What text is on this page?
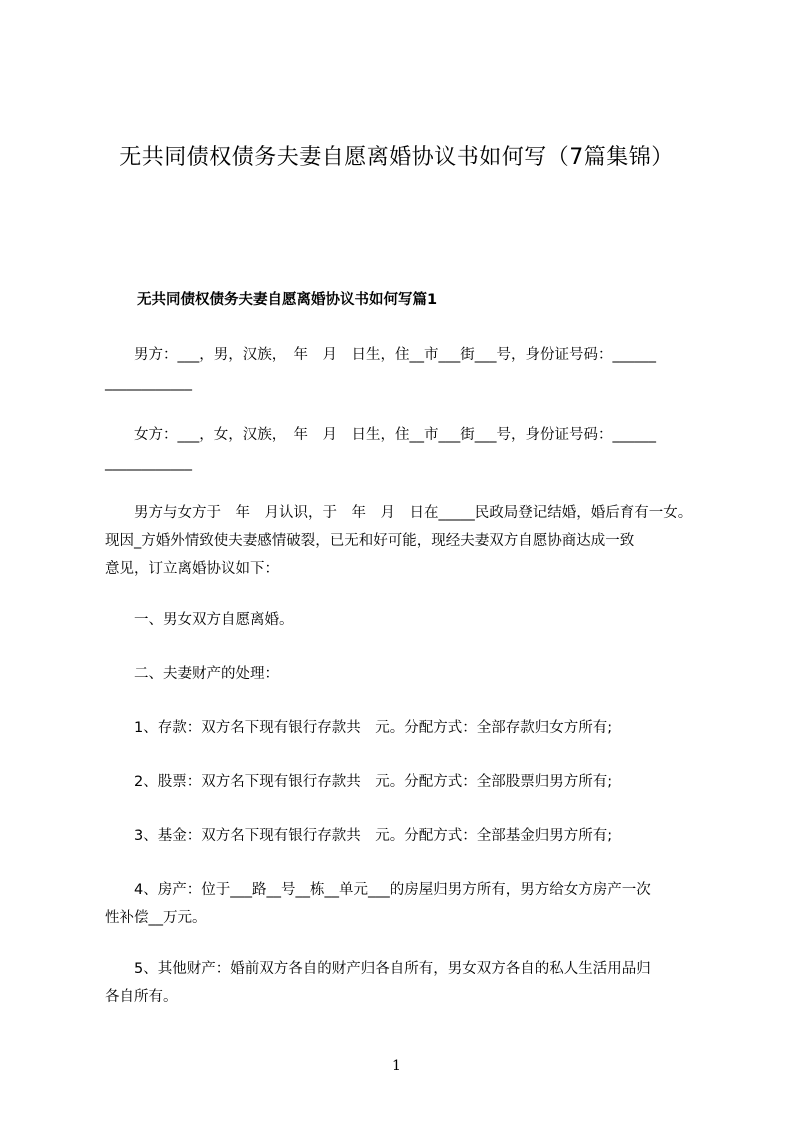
无共同债权债务夫妻自愿离婚协议书如何写（7篇集锦）
无共同债权债务夫妻自愿离婚协议书如何写篇1

　　男方：___，男，汉族，　年　月　日生，住__市___街___号，身份证号码：______
____________

　　女方：___，女，汉族，　年　月　日生，住__市___街___号，身份证号码：______
____________

　　男方与女方于　年　月认识，于　年　月　日在_____民政局登记结婚，婚后育有一女。
现因_方婚外情致使夫妻感情破裂，已无和好可能，现经夫妻双方自愿协商达成一致
意见，订立离婚协议如下：

　　一、男女双方自愿离婚。

　　二、夫妻财产的处理：

　　1、存款：双方名下现有银行存款共　元。分配方式：全部存款归女方所有;

　　2、股票：双方名下现有银行存款共　元。分配方式：全部股票归男方所有;

　　3、基金：双方名下现有银行存款共　元。分配方式：全部基金归男方所有;

　　4、房产：位于___路__号__栋__单元___的房屋归男方所有，男方给女方房产一次
性补偿__万元。

　　5、其他财产：婚前双方各自的财产归各自所有，男女双方各自的私人生活用品归
各自所有。

1
